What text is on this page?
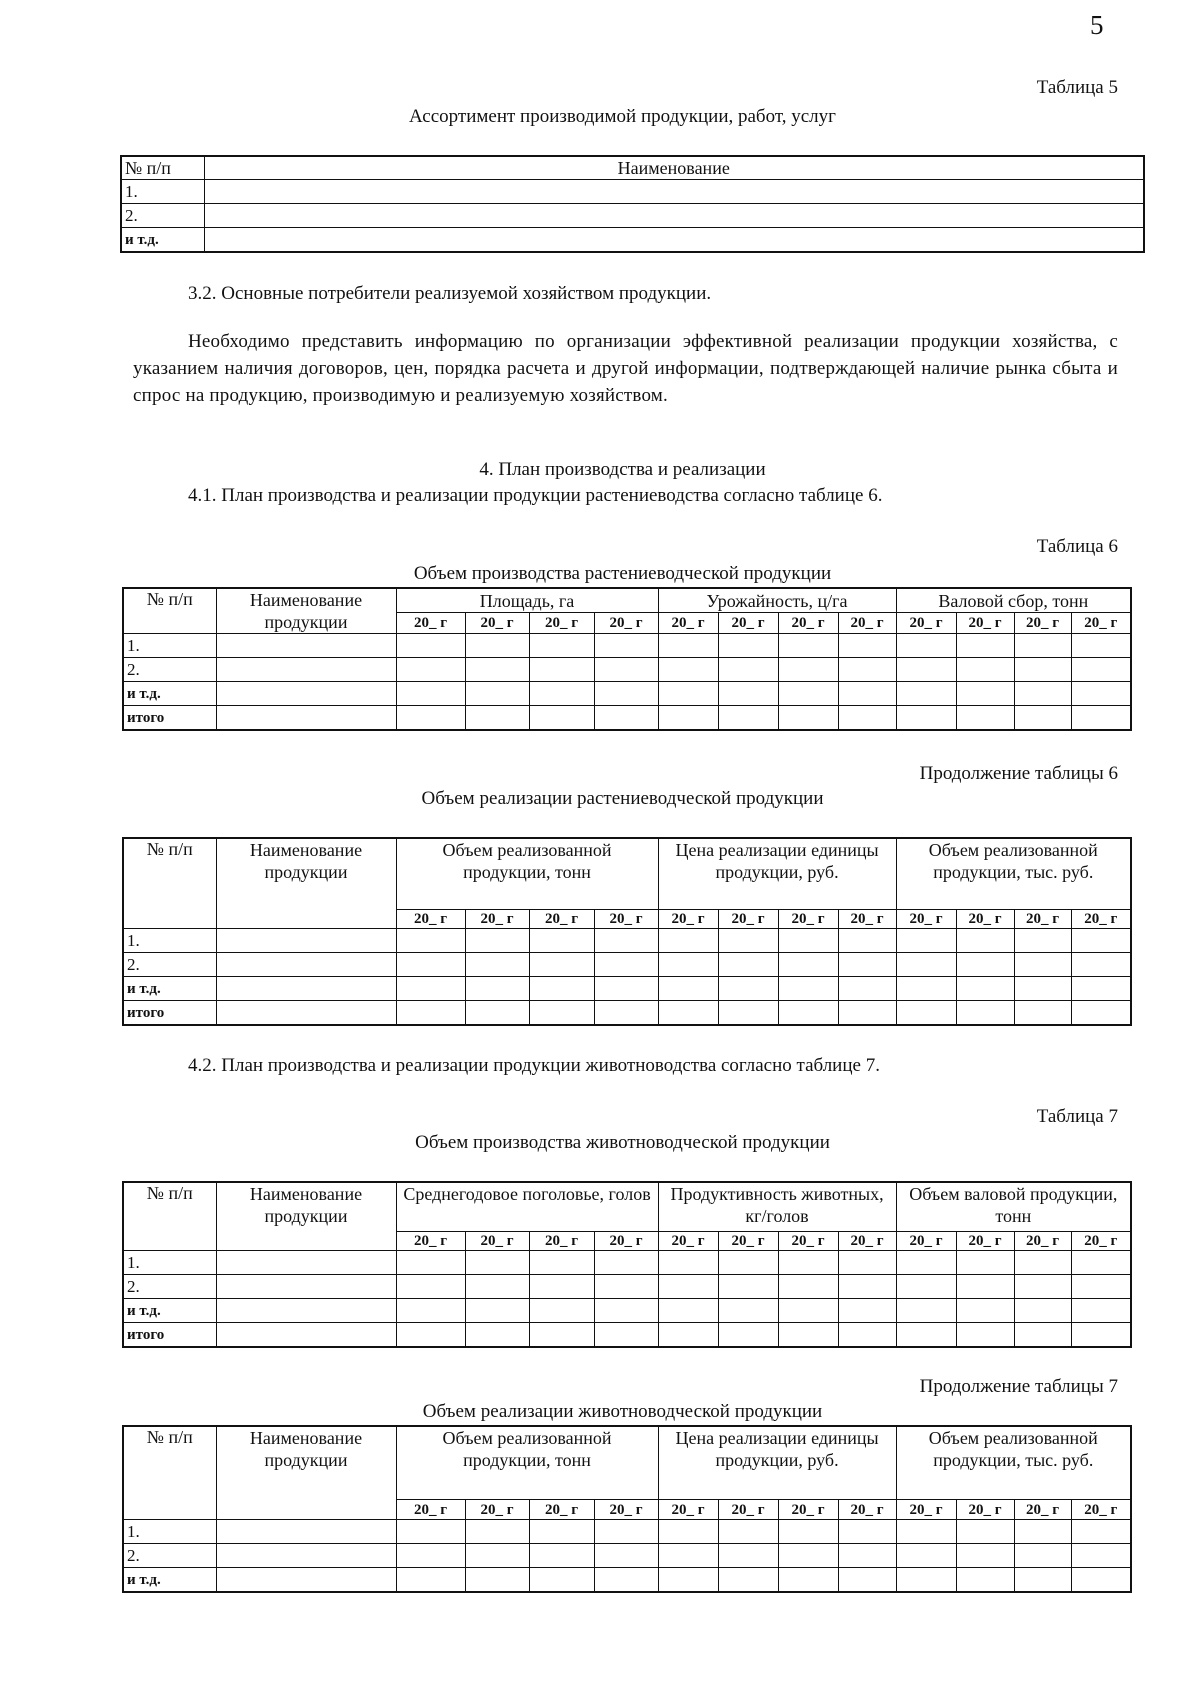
5
Таблица 5
Ассортимент производимой продукции, работ, услуг
№ п/п	Наименование
1.	
2.	
и т.д.	
3.2. Основные потребители реализуемой хозяйством продукции.
Необходимо представить информацию по организации эффективной реализации продукции хозяйства, с указанием наличия договоров, цен, порядка расчета и другой информации, подтверждающей наличие рынка сбыта и спрос на продукцию, производимую и реализуемую хозяйством.
4. План производства и реализации
4.1. План производства и реализации продукции растениеводства согласно таблице 6.
Таблица 6
Объем производства растениеводческой продукции
№ п/п	Наименование продукции	Площадь, га				Урожайность, ц/га				Валовой сбор, тонн			
		20_ г	20_ г	20_ г	20_ г	20_ г	20_ г	20_ г	20_ г	20_ г	20_ г	20_ г	20_ г
1.													
2.													
и т.д.													
итого													
Продолжение таблицы 6
Объем реализации растениеводческой продукции
№ п/п	Наименование продукции	Объем реализованной продукции, тонн				Цена реализации единицы продукции, руб.				Объем реализованной продукции, тыс. руб.			
		20_ г	20_ г	20_ г	20_ г	20_ г	20_ г	20_ г	20_ г	20_ г	20_ г	20_ г	20_ г
1.													
2.													
и т.д.													
итого													
4.2. План производства и реализации продукции животноводства согласно таблице 7.
Таблица 7
Объем производства животноводческой продукции
№ п/п	Наименование продукции	Среднегодовое поголовье, голов				Продуктивность животных, кг/голов				Объем валовой продукции, тонн			
		20_ г	20_ г	20_ г	20_ г	20_ г	20_ г	20_ г	20_ г	20_ г	20_ г	20_ г	20_ г
1.													
2.													
и т.д.													
итого													
Продолжение таблицы 7
Объем реализации животноводческой продукции
№ п/п	Наименование продукции	Объем реализованной продукции, тонн				Цена реализации единицы продукции, руб.				Объем реализованной продукции, тыс. руб.			
		20_ г	20_ г	20_ г	20_ г	20_ г	20_ г	20_ г	20_ г	20_ г	20_ г	20_ г	20_ г
1.													
2.													
и т.д.													
